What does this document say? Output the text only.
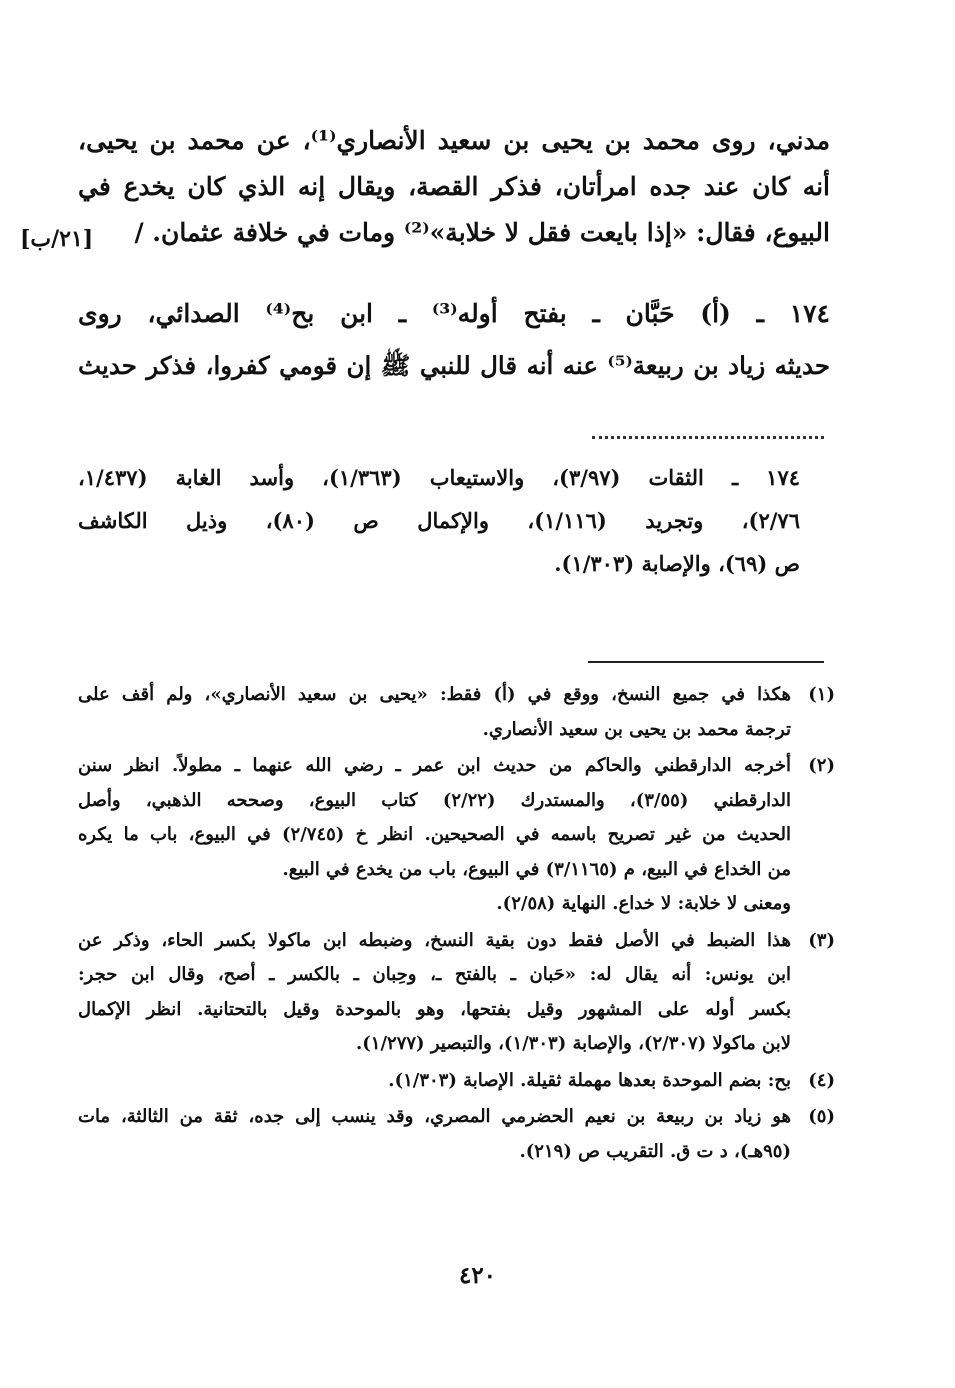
مدني، روى محمد بن يحيى بن سعيد الأنصاري⁽¹⁾، عن محمد بن يحيى،
أنه كان عند جده امرأتان، فذكر القصة، ويقال إنه الذي كان يخدع في
البيوع، فقال: «إذا بايعت فقل لا خلابة»⁽²⁾ ومات في خلافة عثمان. /
[٢١/ب]
١٧٤ ـ (أ) حَبَّان ـ بفتح أوله⁽³⁾ ـ ابن بح⁽⁴⁾ الصدائي، روى
حديثه زياد بن ربيعة⁽⁵⁾ عنه أنه قال للنبي ﷺ إن قومي كفروا، فذكر حديث
١٧٤ ـ الثقات (٣/٩٧)، والاستيعاب (١/٣٦٣)، وأسد الغابة (١/٤٣٧،
٢/٧٦)، وتجريد (١/١١٦)، والإكمال ص (٨٠)، وذيل الكاشف
ص (٦٩)، والإصابة (١/٣٠٣).
(١)
هكذا في جميع النسخ، ووقع في (أ) فقط: «يحيى بن سعيد الأنصاري»، ولم أقف على
ترجمة محمد بن يحيى بن سعيد الأنصاري.
(٢)
أخرجه الدارقطني والحاكم من حديث ابن عمر ـ رضي الله عنهما ـ مطولاً. انظر سنن
الدارقطني (٣/٥٥)، والمستدرك (٢/٢٢) كتاب البيوع، وصححه الذهبي، وأصل
الحديث من غير تصريح باسمه في الصحيحين. انظر خ (٢/٧٤٥) في البيوع، باب ما يكره
من الخداع في البيع، م (٣/١١٦٥) في البيوع، باب من يخدع في البيع.
ومعنى لا خلابة: لا خداع. النهاية (٢/٥٨).
(٣)
هذا الضبط في الأصل فقط دون بقية النسخ، وضبطه ابن ماكولا بكسر الحاء، وذكر عن
ابن يونس: أنه يقال له: «حَبان ـ بالفتح ـ، وحِبان ـ بالكسر ـ أصح، وقال ابن حجر:
بكسر أوله على المشهور وقيل بفتحها، وهو بالموحدة وقيل بالتحتانية. انظر الإكمال
لابن ماكولا (٢/٣٠٧)، والإصابة (١/٣٠٣)، والتبصير (١/٢٧٧).
(٤)
بح: بضم الموحدة بعدها مهملة ثقيلة. الإصابة (١/٣٠٣).
(٥)
هو زياد بن ربيعة بن نعيم الحضرمي المصري، وقد ينسب إلى جده، ثقة من الثالثة، مات
(٩٥هـ)، د ت ق. التقريب ص (٢١٩).
٤٢٠
